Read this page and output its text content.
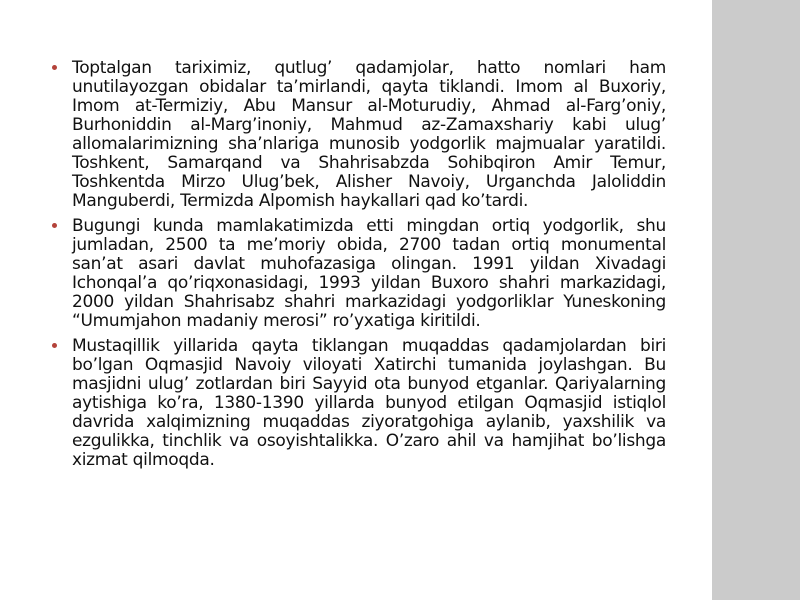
Toptalgan tariximiz, qutlug’ qadamjolar, hatto nomlari ham unutilayozgan obidalar ta’mirlandi, qayta tiklandi. Imom al Buxoriy, Imom at-Termiziy, Abu Mansur al-Moturudiy, Ahmad al-Farg’oniy, Burhoniddin al-Marg’inoniy, Mahmud az-Zamaxshariy kabi ulug’ allomalarimizning sha’nlariga munosib yodgorlik majmualar yaratildi. Toshkent, Samarqand va Shahrisabzda Sohibqiron Amir Temur, Toshkentda Mirzo Ulug’bek, Alisher Navoiy, Urganchda Jaloliddin Manguberdi, Termizda Alpomish haykallari qad ko’tardi.
Bugungi kunda mamlakatimizda etti mingdan ortiq yodgorlik, shu jumladan, 2500 ta me’moriy obida, 2700 tadan ortiq monumental san’at asari davlat muhofazasiga olingan. 1991 yildan Xivadagi Ichonqal’a qo’riqxonasidagi, 1993 yildan Buxoro shahri markazidagi, 2000 yildan Shahrisabz shahri markazidagi yodgorliklar Yuneskoning “Umumjahon madaniy merosi” ro’yxatiga kiritildi.
Mustaqillik yillarida qayta tiklangan muqaddas qadamjolardan biri bo’lgan Oqmasjid Navoiy viloyati Xatirchi tumanida joylashgan. Bu masjidni ulug’ zotlardan biri Sayyid ota bunyod etganlar. Qariyalarning aytishiga ko’ra, 1380-1390 yillarda bunyod etilgan Oqmasjid istiqlol davrida xalqimizning muqaddas ziyoratgohiga aylanib, yaxshilik va ezgulikka, tinchlik va osoyishtalikka. O’zaro ahil va hamjihat bo’lishga xizmat qilmoqda.
